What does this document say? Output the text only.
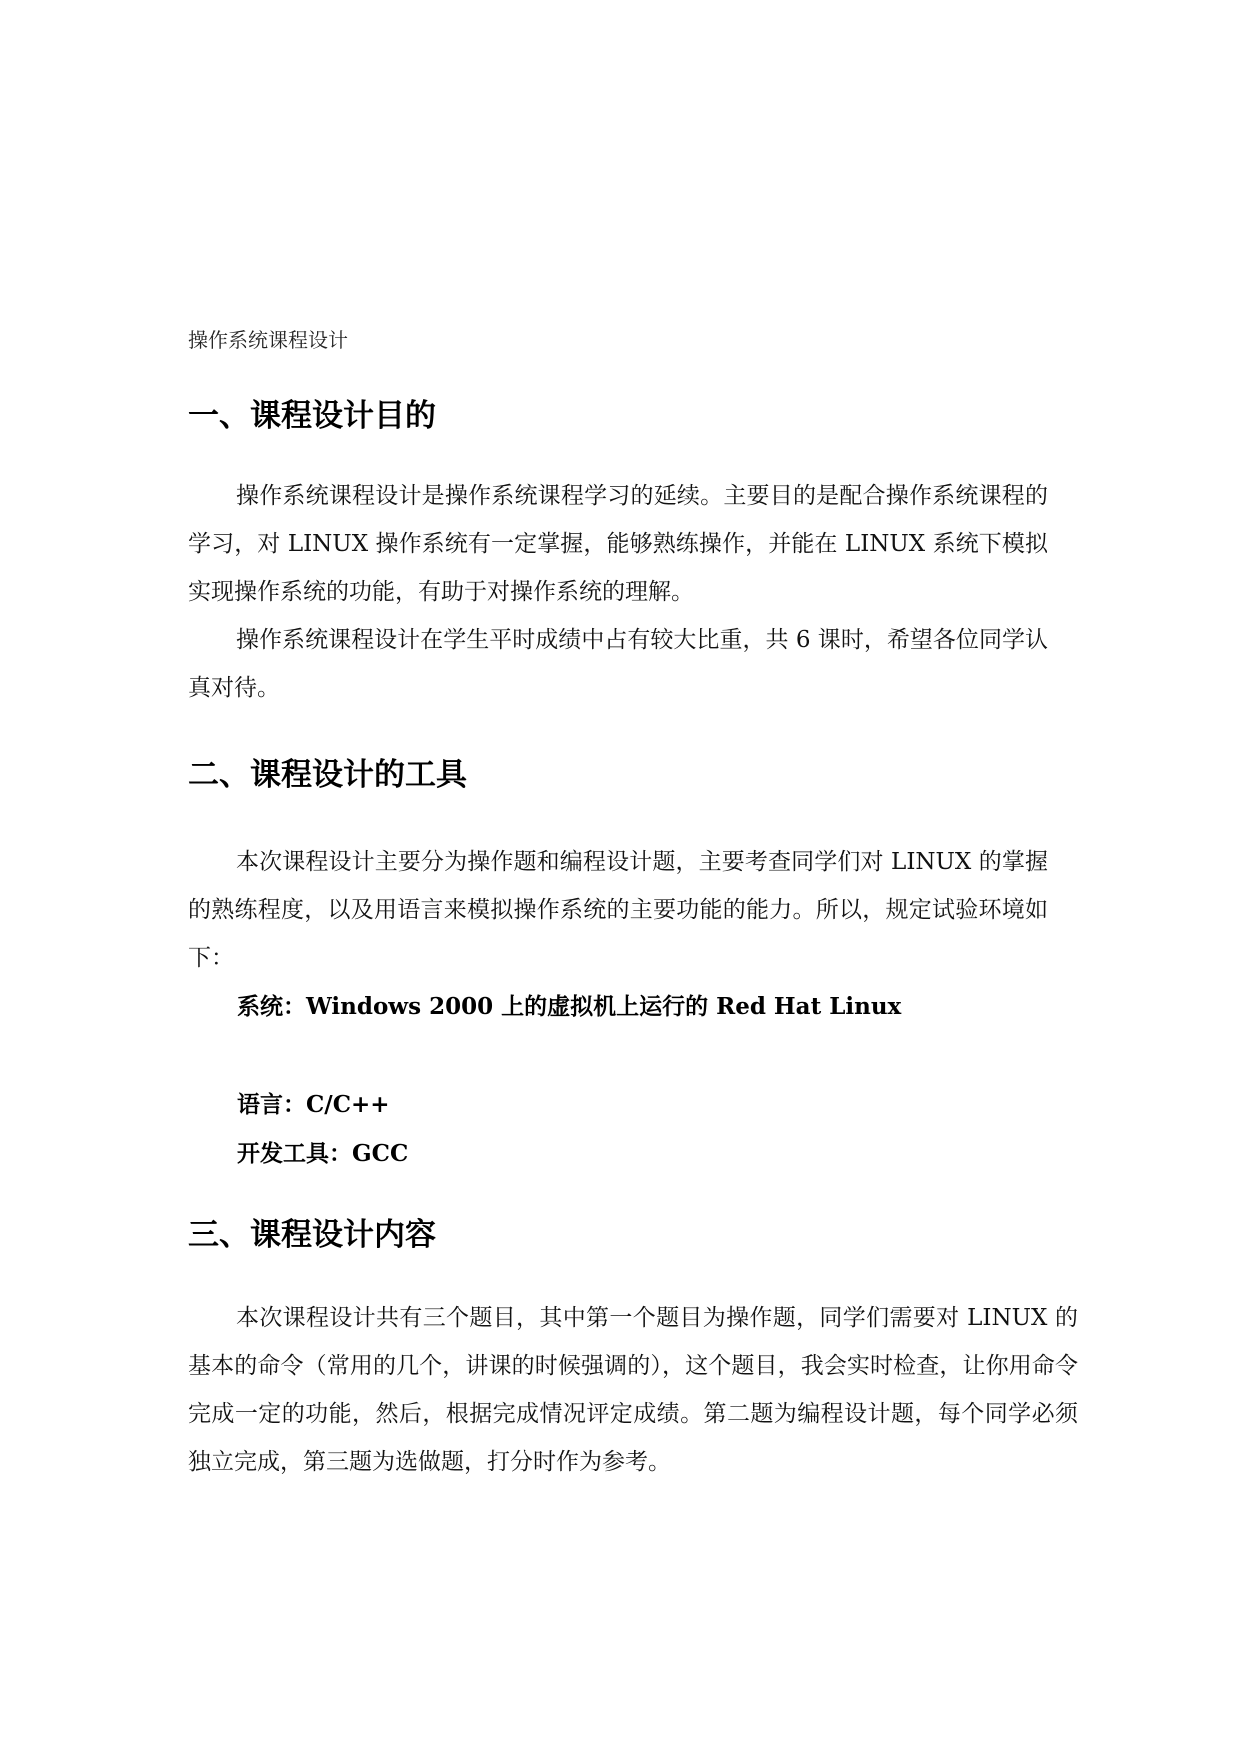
操作系统课程设计
一、课程设计目的

操作系统课程设计是操作系统课程学习的延续。主要目的是配合操作系统课程的学习，对 LINUX 操作系统有一定掌握，能够熟练操作，并能在 LINUX 系统下模拟实现操作系统的功能，有助于对操作系统的理解。

操作系统课程设计在学生平时成绩中占有较大比重，共 6 课时，希望各位同学认真对待。

二、课程设计的工具

本次课程设计主要分为操作题和编程设计题，主要考查同学们对 LINUX 的掌握的熟练程度，以及用语言来模拟操作系统的主要功能的能力。所以，规定试验环境如下：

系统：Windows 2000 上的虚拟机上运行的 Red Hat Linux
语言：C/C++
开发工具：GCC
三、课程设计内容

本次课程设计共有三个题目，其中第一个题目为操作题，同学们需要对 LINUX 的基本的命令（常用的几个，讲课的时候强调的），这个题目，我会实时检查，让你用命令完成一定的功能，然后，根据完成情况评定成绩。第二题为编程设计题，每个同学必须独立完成，第三题为选做题，打分时作为参考。
